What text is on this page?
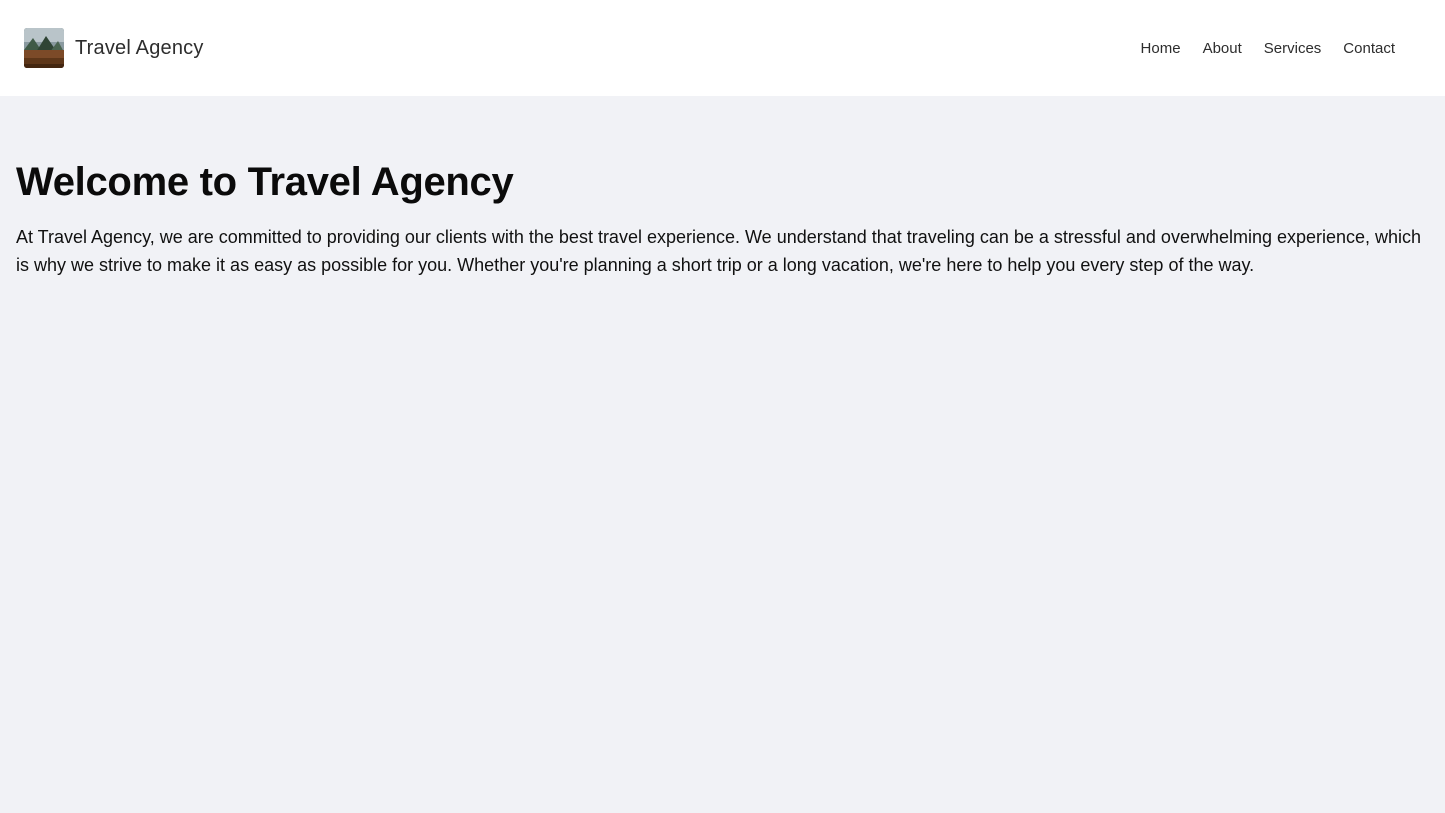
Travel Agency	Home About Services Contact
Welcome to Travel Agency

At Travel Agency, we are committed to providing our clients with the best travel experience. We understand that traveling can be a stressful and overwhelming experience, which is why we strive to make it as easy as possible for you. Whether you're planning a short trip or a long vacation, we're here to help you every step of the way.
